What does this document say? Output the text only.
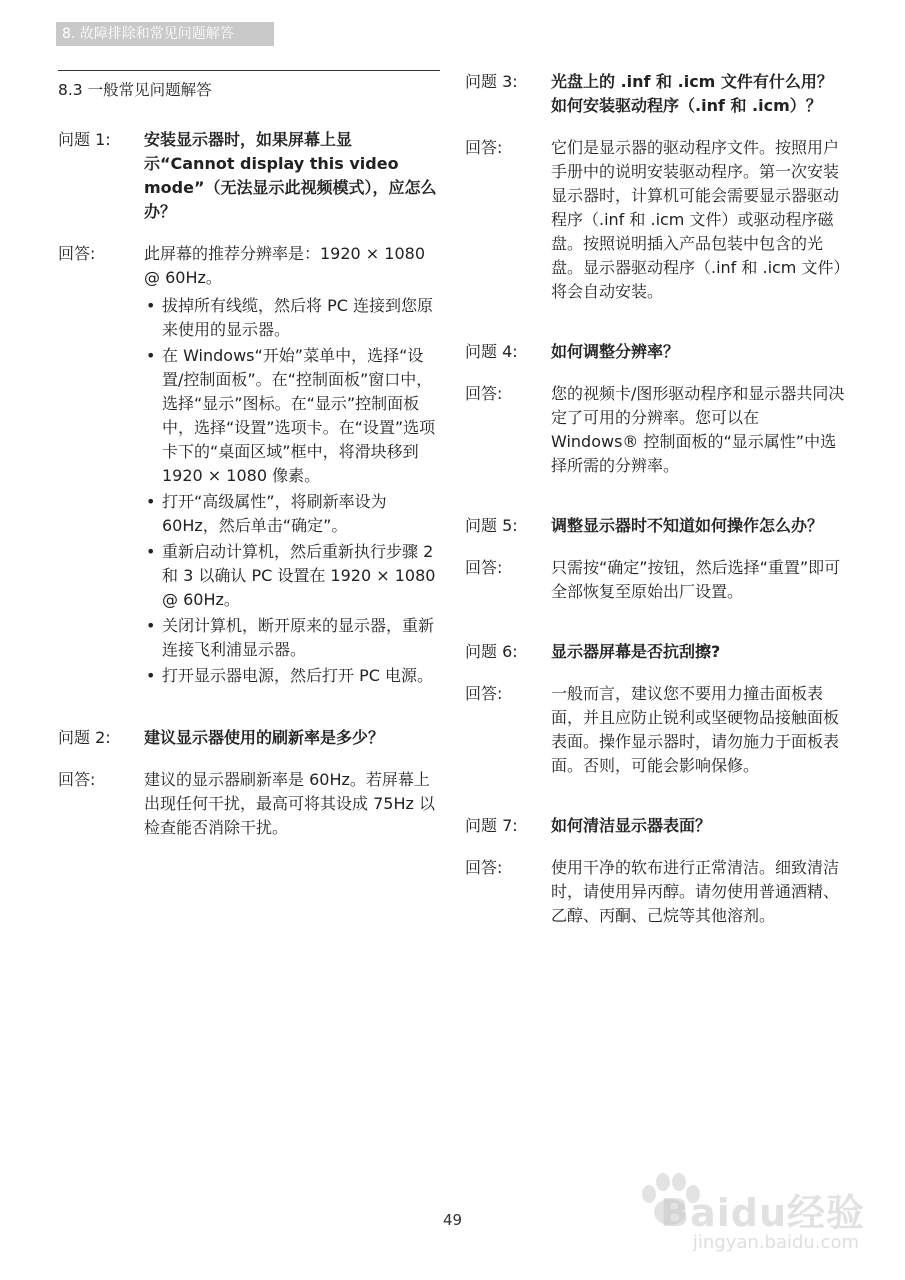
8. 故障排除和常见问题解答
8.3 一般常见问题解答
问题 1:	安装显示器时，如果屏幕上显示“Cannot display this video mode”（无法显示此视频模式），应怎么办？
回答:	此屏幕的推荐分辨率是：1920 × 1080 @ 60Hz。
• 拔掉所有线缆，然后将 PC 连接到您原来使用的显示器。
• 在 Windows“开始”菜单中，选择“设置/控制面板”。在“控制面板”窗口中，选择“显示”图标。在“显示”控制面板中，选择“设置”选项卡。在“设置”选项卡下的“桌面区域”框中，将滑块移到 1920 × 1080 像素。
• 打开“高级属性”，将刷新率设为 60Hz，然后单击“确定”。
• 重新启动计算机，然后重新执行步骤 2 和 3 以确认 PC 设置在 1920 × 1080 @ 60Hz。
• 关闭计算机，断开原来的显示器，重新连接飞利浦显示器。
• 打开显示器电源，然后打开 PC 电源。
问题 2:	建议显示器使用的刷新率是多少？
回答:	建议的显示器刷新率是 60Hz。若屏幕上出现任何干扰，最高可将其设成 75Hz 以检查能否消除干扰。
问题 3:	光盘上的 .inf 和 .icm 文件有什么用？如何安装驱动程序（.inf 和 .icm）？
回答:	它们是显示器的驱动程序文件。按照用户手册中的说明安装驱动程序。第一次安装显示器时，计算机可能会需要显示器驱动程序（.inf 和 .icm 文件）或驱动程序磁盘。按照说明插入产品包装中包含的光盘。显示器驱动程序（.inf 和 .icm 文件）将会自动安装。
问题 4:	如何调整分辨率？
回答:	您的视频卡/图形驱动程序和显示器共同决定了可用的分辨率。您可以在 Windows® 控制面板的“显示属性”中选择所需的分辨率。
问题 5:	调整显示器时不知道如何操作怎么办？
回答:	只需按“确定”按钮，然后选择“重置”即可全部恢复至原始出厂设置。
问题 6:	显示器屏幕是否抗刮擦?
回答:	一般而言，建议您不要用力撞击面板表面，并且应防止锐利或坚硬物品接触面板表面。操作显示器时，请勿施力于面板表面。否则，可能会影响保修。
问题 7:	如何清洁显示器表面？
回答:	使用干净的软布进行正常清洁。细致清洁时，请使用异丙醇。请勿使用普通酒精、乙醇、丙酮、己烷等其他溶剂。
49	Baidu经验
jingyan.baidu.com
